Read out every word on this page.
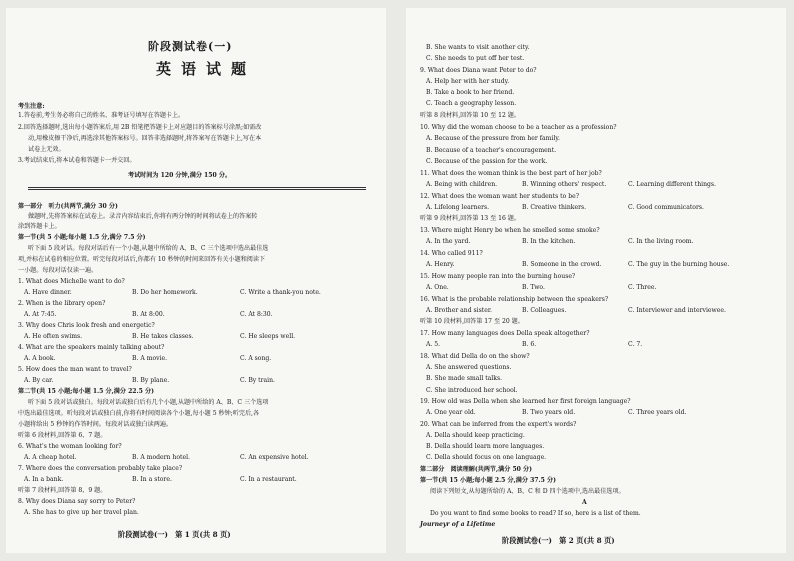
阶段测试卷(一)
英语试题
考生注意:
1.答卷前,考生务必将自己的姓名、准考证号填写在答题卡上。
2.回答选择题时,选出每小题答案后,用 2B 铅笔把答题卡上对应题目的答案标号涂黑;如需改
动,用橡皮擦干净后,再选涂其他答案标号。回答非选择题时,将答案写在答题卡上,写在本
试卷上无效。
3.考试结束后,将本试卷和答题卡一并交回。
考试时间为 120 分钟,满分 150 分。
第一部分　听力(共两节,满分 30 分)
做题时,先将答案标在试卷上。录音内容结束后,你将有两分钟的时间将试卷上的答案转
涂到答题卡上。
第一节(共 5 小题;每小题 1.5 分,满分 7.5 分)
听下面 5 段对话。每段对话后有一个小题,从题中所给的 A、B、C 三个选项中选出最佳选
项,并标在试卷的相应位置。听完每段对话后,你都有 10 秒钟的时间来回答有关小题和阅读下
一小题。每段对话仅读一遍。
1. What does Michelle want to do?
A. Have dinner.	B. Do her homework.	C. Write a thank-you note.
2. When is the library open?
A. At 7:45.	B. At 8:00.	C. At 8:30.
3. Why does Chris look fresh and energetic?
A. He often swims.	B. He takes classes.	C. He sleeps well.
4. What are the speakers mainly talking about?
A. A book.	B. A movie.	C. A song.
5. How does the man want to travel?
A. By car.	B. By plane.	C. By train.
第二节(共 15 小题;每小题 1.5 分,满分 22.5 分)
听下面 5 段对话或独白。每段对话或独白后有几个小题,从题中所给的 A、B、C 三个选项
中选出最佳选项。听每段对话或独白前,你将有时间阅读各个小题,每小题 5 秒钟;听完后,各
小题将给出 5 秒钟的作答时间。每段对话或独白读两遍。
听第 6 段材料,回答第 6、7 题。
6. What's the woman looking for?
A. A cheap hotel.	B. A modern hotel.	C. An expensive hotel.
7. Where does the conversation probably take place?
A. In a bank.	B. In a store.	C. In a restaurant.
听第 7 段材料,回答第 8、9 题。
8. Why does Diana say sorry to Peter?
A. She has to give up her travel plan.
阶段测试卷(一)　第 1 页(共 8 页)
B. She wants to visit another city.
C. She needs to put off her test.
9. What does Diana want Peter to do?
A. Help her with her study.
B. Take a book to her friend.
C. Teach a geography lesson.
听第 8 段材料,回答第 10 至 12 题。
10. Why did the woman choose to be a teacher as a profession?
A. Because of the pressure from her family.
B. Because of a teacher's encouragement.
C. Because of the passion for the work.
11. What does the woman think is the best part of her job?
A. Being with children.	B. Winning others' respect.	C. Learning different things.
12. What does the woman want her students to be?
A. Lifelong learners.	B. Creative thinkers.	C. Good communicators.
听第 9 段材料,回答第 13 至 16 题。
13. Where might Henry be when he smelled some smoke?
A. In the yard.	B. In the kitchen.	C. In the living room.
14. Who called 911?
A. Henry.	B. Someone in the crowd.	C. The guy in the burning house.
15. How many people ran into the burning house?
A. One.	B. Two.	C. Three.
16. What is the probable relationship between the speakers?
A. Brother and sister.	B. Colleagues.	C. Interviewer and interviewee.
听第 10 段材料,回答第 17 至 20 题。
17. How many languages does Della speak altogether?
A. 5.	B. 6.	C. 7.
18. What did Della do on the show?
A. She answered questions.
B. She made small talks.
C. She introduced her school.
19. How old was Della when she learned her first foreign language?
A. One year old.	B. Two years old.	C. Three years old.
20. What can be inferred from the expert's words?
A. Della should keep practicing.
B. Della should learn more languages.
C. Della should focus on one language.
第二部分　阅读理解(共两节,满分 50 分)
第一节(共 15 小题;每小题 2.5 分,满分 37.5 分)
阅读下列短文,从每题所给的 A、B、C 和 D 四个选项中,选出最佳选项。
A
Do you want to find some books to read? If so, here is a list of them.
Journeyr of a Lifetime
阶段测试卷(一)　第 2 页(共 8 页)
